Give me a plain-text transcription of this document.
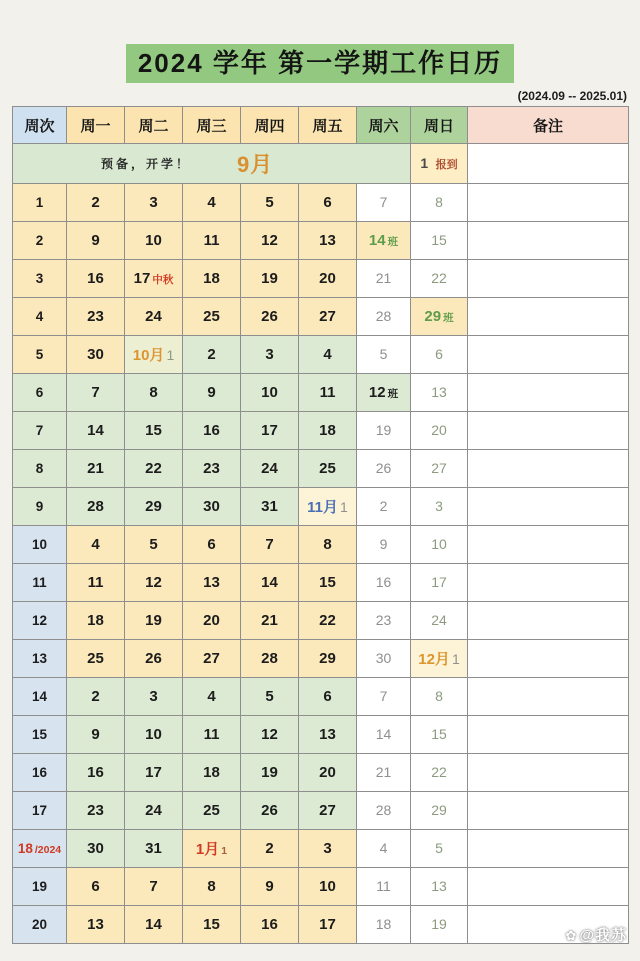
2024 学年 第一学期工作日历
(2024.09 -- 2025.01)
周次	周一	周二	周三	周四	周五	周六	周日	备注

预备，开学！ 9月							1 报到	
1	2	3	4	5	6	7	8	
2	9	10	11	12	13	14 班	15	
3	16	17 中秋	18	19	20	21	22	
4	23	24	25	26	27	28	29 班	
5	30	10月 1	2	3	4	5	6	
6	7	8	9	10	11	12 班	13	
7	14	15	16	17	18	19	20	
8	21	22	23	24	25	26	27	
9	28	29	30	31	11月 1	2	3	
10	4	5	6	7	8	9	10	
11	11	12	13	14	15	16	17	
12	18	19	20	21	22	23	24	
13	25	26	27	28	29	30	12月 1	
14	2	3	4	5	6	7	8	
15	9	10	11	12	13	14	15	
16	16	17	18	19	20	21	22	
17	23	24	25	26	27	28	29	
18 /2024	30	31	1月 1	2	3	4	5	
19	6	7	8	9	10	11	13	
20	13	14	15	16	17	18	19	
✿ @我苏
